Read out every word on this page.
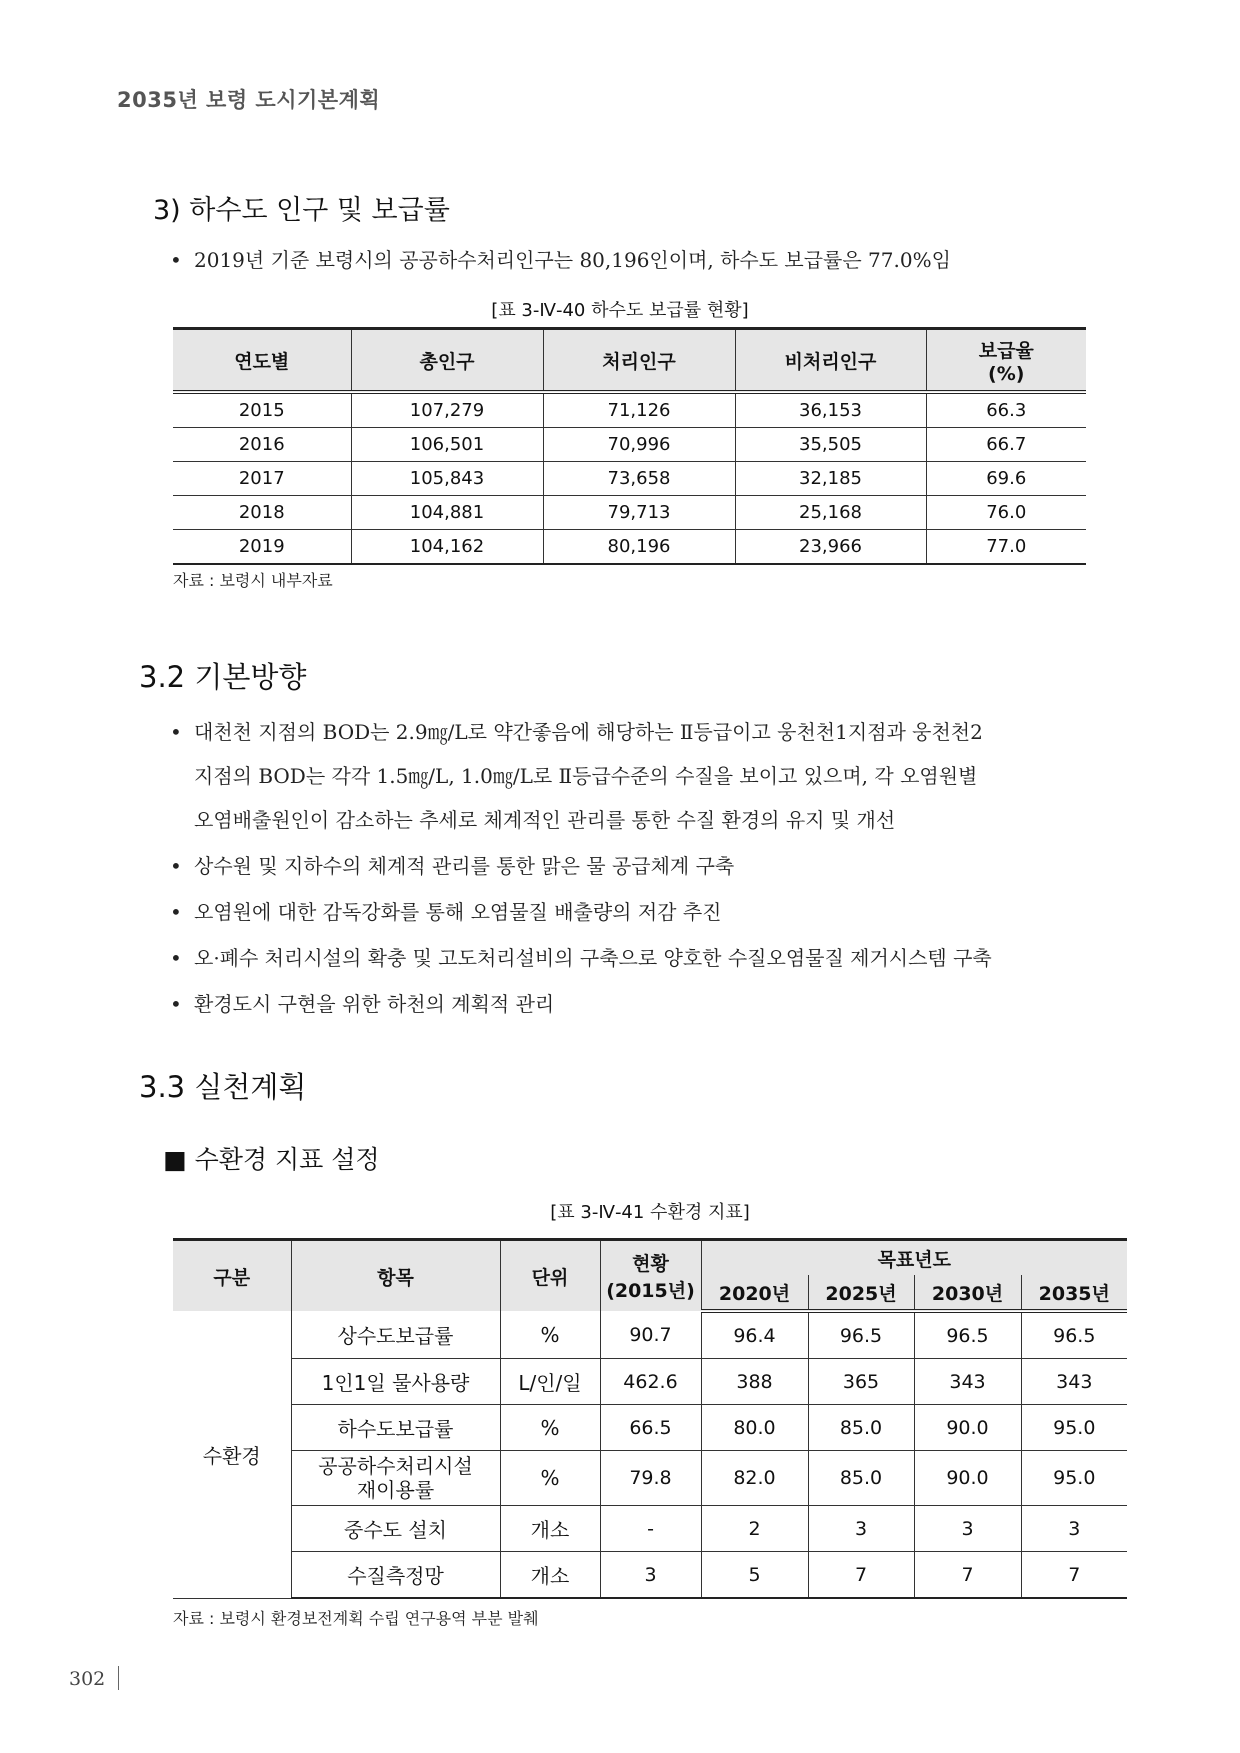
2035년 보령 도시기본계획
3) 하수도 인구 및 보급률
• 2019년 기준 보령시의 공공하수처리인구는 80,196인이며, 하수도 보급률은 77.0%임
[표 3-Ⅳ-40 하수도 보급률 현황]
연도별	총인구	처리인구	비처리인구	보급율
(%)
2015	107,279	71,126	36,153	66.3
2016	106,501	70,996	35,505	66.7
2017	105,843	73,658	32,185	69.6
2018	104,881	79,713	25,168	76.0
2019	104,162	80,196	23,966	77.0
자료 : 보령시 내부자료
3.2 기본방향
• 대천천 지점의 BOD는 2.9㎎/L로 약간좋음에 해당하는 Ⅱ등급이고 웅천천1지점과 웅천천2
지점의 BOD는 각각 1.5㎎/L, 1.0㎎/L로 Ⅱ등급수준의 수질을 보이고 있으며, 각 오염원별
오염배출원인이 감소하는 추세로 체계적인 관리를 통한 수질 환경의 유지 및 개선
• 상수원 및 지하수의 체계적 관리를 통한 맑은 물 공급체계 구축
• 오염원에 대한 감독강화를 통해 오염물질 배출량의 저감 추진
• 오·폐수 처리시설의 확충 및 고도처리설비의 구축으로 양호한 수질오염물질 제거시스템 구축
• 환경도시 구현을 위한 하천의 계획적 관리
3.3 실천계획
■ 수환경 지표 설정
[표 3-Ⅳ-41 수환경 지표]
구분	항목	단위	현황
(2015년)	목표년도			
				2020년	2025년	2030년	2035년
수환경	상수도보급률	%	90.7	96.4	96.5	96.5	96.5
	1인1일 물사용량	L/인/일	462.6	388	365	343	343
	하수도보급률	%	66.5	80.0	85.0	90.0	95.0
	공공하수처리시설
재이용률	%	79.8	82.0	85.0	90.0	95.0
	중수도 설치	개소	-	2	3	3	3
	수질측정망	개소	3	5	7	7	7
자료 : 보령시 환경보전계획 수립 연구용역 부분 발췌
302
